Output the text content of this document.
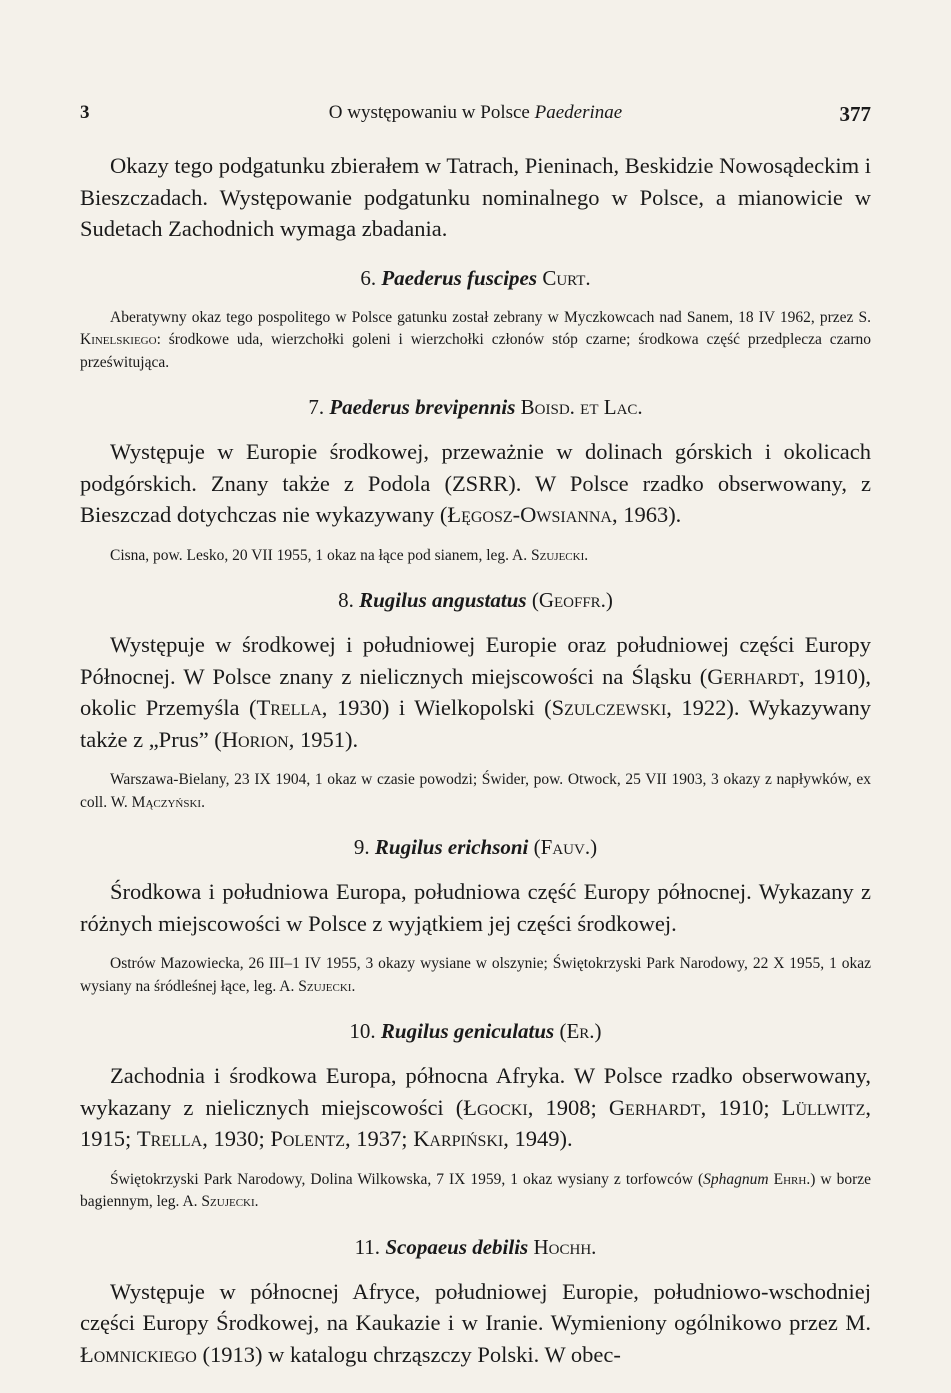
3	O występowaniu w Polsce Paederinae	377

Okazy tego podgatunku zbierałem w Tatrach, Pieninach, Beskidzie Nowosądeckim i Bieszczadach. Występowanie podgatunku nominalnego w Polsce, a mianowicie w Sudetach Zachodnich wymaga zbadania.

6. Paederus fuscipes Curt.

Aberatywny okaz tego pospolitego w Polsce gatunku został zebrany w Myczkowcach nad Sanem, 18 IV 1962, przez S. Kinelskiego: środkowe uda, wierzchołki goleni i wierzchołki członów stóp czarne; środkowa część przedplecza czarno prześwitująca.

7. Paederus brevipennis Boisd. et Lac.

Występuje w Europie środkowej, przeważnie w dolinach górskich i okolicach podgórskich. Znany także z Podola (ZSRR). W Polsce rzadko obserwowany, z Bieszczad dotychczas nie wykazywany (Łęgosz-Owsianna, 1963).

Cisna, pow. Lesko, 20 VII 1955, 1 okaz na łące pod sianem, leg. A. Szujecki.

8. Rugilus angustatus (Geoffr.)

Występuje w środkowej i południowej Europie oraz południowej części Europy Północnej. W Polsce znany z nielicznych miejscowości na Śląsku (Gerhardt, 1910), okolic Przemyśla (Trella, 1930) i Wielkopolski (Szulczewski, 1922). Wykazywany także z „Prus” (Horion, 1951).

Warszawa-Bielany, 23 IX 1904, 1 okaz w czasie powodzi; Świder, pow. Otwock, 25 VII 1903, 3 okazy z napływków, ex coll. W. Mączyński.

9. Rugilus erichsoni (Fauv.)

Środkowa i południowa Europa, południowa część Europy północnej. Wykazany z różnych miejscowości w Polsce z wyjątkiem jej części środkowej.

Ostrów Mazowiecka, 26 III–1 IV 1955, 3 okazy wysiane w olszynie; Świętokrzyski Park Narodowy, 22 X 1955, 1 okaz wysiany na śródleśnej łące, leg. A. Szujecki.

10. Rugilus geniculatus (Er.)

Zachodnia i środkowa Europa, północna Afryka. W Polsce rzadko obserwowany, wykazany z nielicznych miejscowości (Łgocki, 1908; Gerhardt, 1910; Lüllwitz, 1915; Trella, 1930; Polentz, 1937; Karpiński, 1949).

Świętokrzyski Park Narodowy, Dolina Wilkowska, 7 IX 1959, 1 okaz wysiany z torfowców (Sphagnum Ehrh.) w borze bagiennym, leg. A. Szujecki.

11. Scopaeus debilis Hochh.

Występuje w północnej Afryce, południowej Europie, południowo-wschodniej części Europy Środkowej, na Kaukazie i w Iranie. Wymieniony ogólnikowo przez M. Łomnickiego (1913) w katalogu chrząszczy Polski. W obec-
